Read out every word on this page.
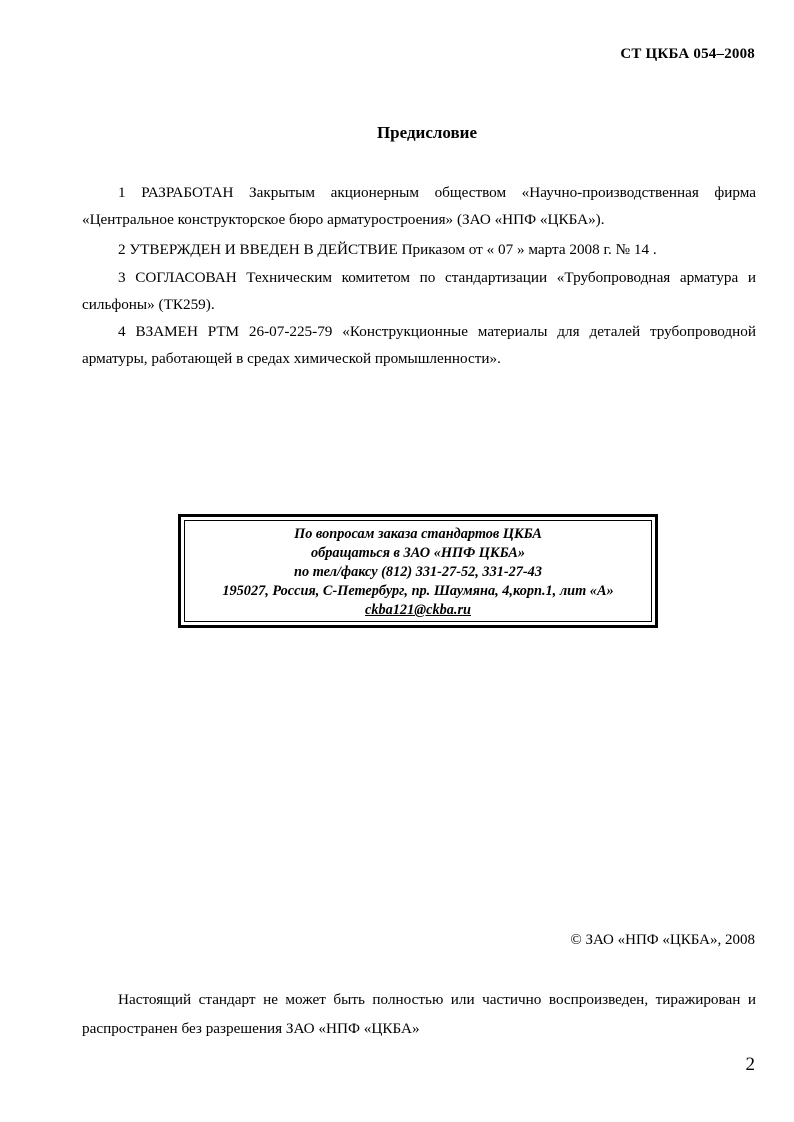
СТ ЦКБА 054–2008
Предисловие

1 РАЗРАБОТАН Закрытым акционерным обществом «Научно-производственная фирма «Центральное конструкторское бюро арматуростроения» (ЗАО «НПФ «ЦКБА»).

2 УТВЕРЖДЕН И ВВЕДЕН В ДЕЙСТВИЕ Приказом от « 07 » марта 2008 г. № 14 .

3 СОГЛАСОВАН Техническим комитетом по стандартизации «Трубопроводная арматура и сильфоны» (ТК259).

4 ВЗАМЕН РТМ 26-07-225-79 «Конструкционные материалы для деталей трубопроводной арматуры, работающей в средах химической промышленности».

По вопросам заказа стандартов ЦКБА
обращаться в ЗАО «НПФ ЦКБА»
по тел/факсу (812) 331-27-52, 331-27-43
195027, Россия, С-Петербург, пр. Шаумяна, 4,корп.1, лит «А»
ckba121@ckba.ru
© ЗАО «НПФ «ЦКБА», 2008

Настоящий стандарт не может быть полностью или частично воспроизведен, тиражирован и распространен без разрешения ЗАО «НПФ «ЦКБА»

2
